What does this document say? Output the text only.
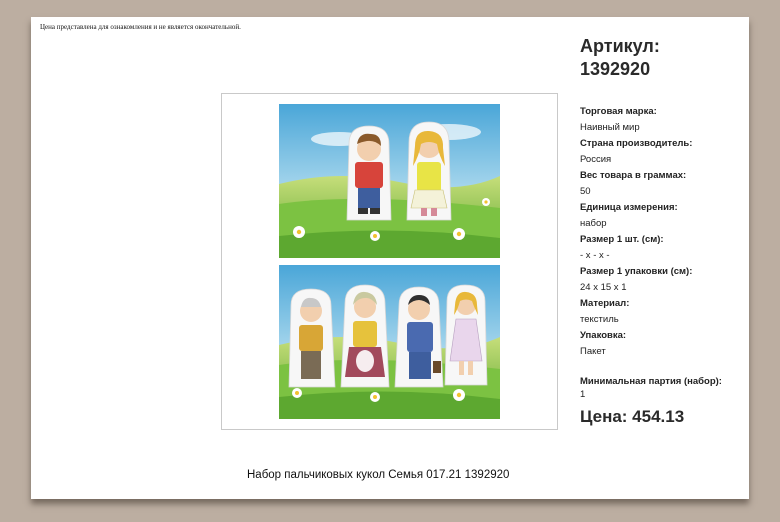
Цена представлена для ознакомления и не является окончательной.
Артикул:
1392920
Торговая марка:
Наивный мир
Страна производитель:
Россия
Вес товара в граммах:
50
Единица измерения:
набор
Размер 1 шт. (см):
- x - x -
Размер 1 упаковки (см):
24 x 15 x 1
Материал:
текстиль
Упаковка:
Пакет
Минимальная партия (набор):
1
Цена: 454.13
Набор пальчиковых кукол Семья 017.21 1392920
